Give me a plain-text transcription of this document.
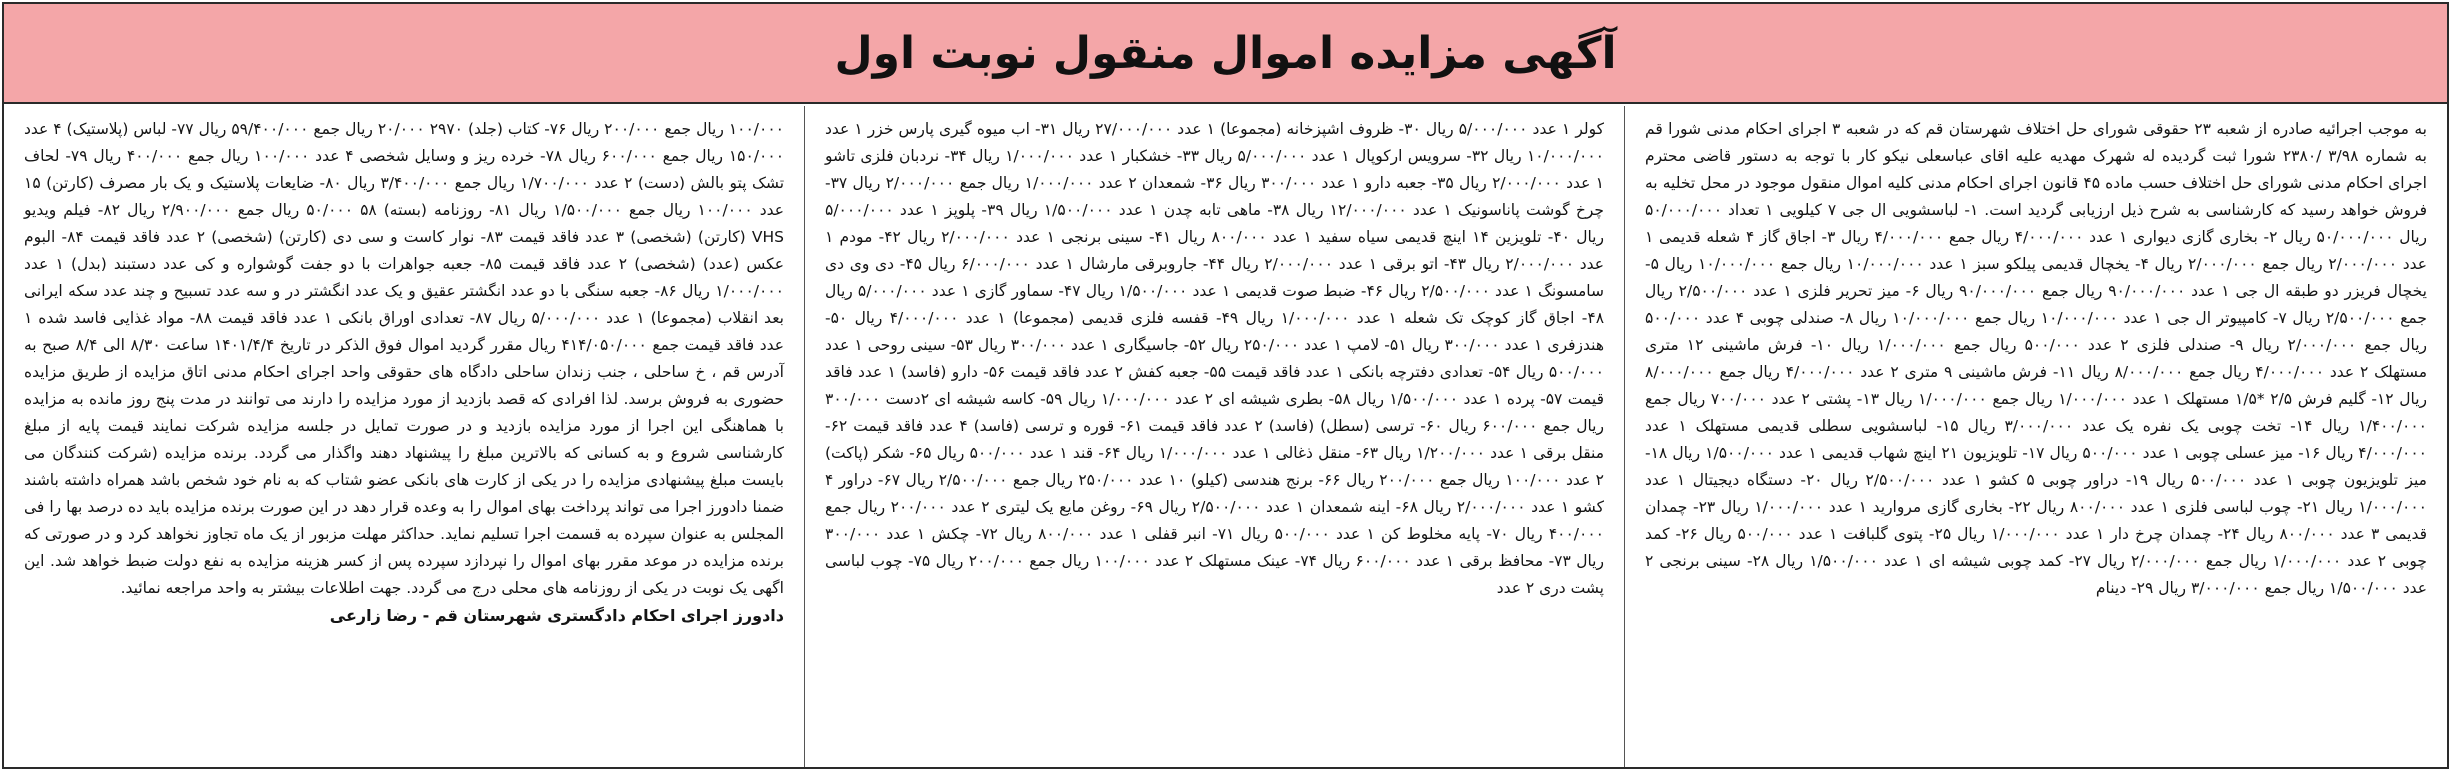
آگهی مزایده اموال منقول نوبت اول

به موجب اجرائیه صادره از شعبه ۲۳ حقوقی شورای حل اختلاف شهرستان قم که در شعبه ۳ اجرای احکام مدنی شورا قم به شماره ۳/۹۸ /۲۳۸۰ شورا ثبت گردیده له شهرک مهدیه علیه اقای عباسعلی نیکو کار با توجه به دستور قاضی محترم اجرای احکام مدنی شورای حل اختلاف حسب ماده ۴۵ قانون اجرای احکام مدنی کلیه اموال منقول موجود در محل تخلیه به فروش خواهد رسید که کارشناسی به شرح ذیل ارزیابی گردید است. ۱- لباسشویی ال جی ۷ کیلویی ۱ تعداد ۵۰/۰۰۰/۰۰۰ ریال ۵۰/۰۰۰/۰۰۰ ریال ۲- بخاری گازی دیواری ۱ عدد ۴/۰۰۰/۰۰۰ ریال جمع ۴/۰۰۰/۰۰۰ ریال ۳- اجاق گاز ۴ شعله قدیمی ۱ عدد ۲/۰۰۰/۰۰۰ ریال جمع ۲/۰۰۰/۰۰۰ ریال ۴- یخچال قدیمی پیلکو سبز ۱ عدد ۱۰/۰۰۰/۰۰۰ ریال جمع ۱۰/۰۰۰/۰۰۰ ریال ۵- یخچال فریزر دو طبقه ال جی ۱ عدد ۹۰/۰۰۰/۰۰۰ ریال جمع ۹۰/۰۰۰/۰۰۰ ریال ۶- میز تحریر فلزی ۱ عدد ۲/۵۰۰/۰۰۰ ریال جمع ۲/۵۰۰/۰۰۰ ریال ۷- کامپیوتر ال جی ۱ عدد ۱۰/۰۰۰/۰۰۰ ریال جمع ۱۰/۰۰۰/۰۰۰ ریال ۸- صندلی چوبی ۴ عدد ۵۰۰/۰۰۰ ریال جمع ۲/۰۰۰/۰۰۰ ریال ۹- صندلی فلزی ۲ عدد ۵۰۰/۰۰۰ ریال جمع ۱/۰۰۰/۰۰۰ ریال ۱۰- فرش ماشینی ۱۲ متری مستهلک ۲ عدد ۴/۰۰۰/۰۰۰ ریال جمع ۸/۰۰۰/۰۰۰ ریال ۱۱- فرش ماشینی ۹ متری ۲ عدد ۴/۰۰۰/۰۰۰ ریال جمع ۸/۰۰۰/۰۰۰ ریال ۱۲- گلیم فرش ۲/۵ *۱/۵ مستهلک ۱ عدد ۱/۰۰۰/۰۰۰ ریال جمع ۱/۰۰۰/۰۰۰ ریال ۱۳- پشتی ۲ عدد ۷۰۰/۰۰۰ ریال جمع ۱/۴۰۰/۰۰۰ ریال ۱۴- تخت چوبی یک نفره یک عدد ۳/۰۰۰/۰۰۰ ریال ۱۵- لباسشویی سطلی قدیمی مستهلک ۱ عدد ۴/۰۰۰/۰۰۰ ریال ۱۶- میز عسلی چوبی ۱ عدد ۵۰۰/۰۰۰ ریال ۱۷- تلویزیون ۲۱ اینچ شهاب قدیمی ۱ عدد ۱/۵۰۰/۰۰۰ ریال ۱۸- میز تلویزیون چوبی ۱ عدد ۵۰۰/۰۰۰ ریال ۱۹- دراور چوبی ۵ کشو ۱ عدد ۲/۵۰۰/۰۰۰ ریال ۲۰- دستگاه دیجیتال ۱ عدد ۱/۰۰۰/۰۰۰ ریال ۲۱- چوب لباسی فلزی ۱ عدد ۸۰۰/۰۰۰ ریال ۲۲- بخاری گازی مروارید ۱ عدد ۱/۰۰۰/۰۰۰ ریال ۲۳- چمدان قدیمی ۳ عدد ۸۰۰/۰۰۰ ریال ۲۴- چمدان چرخ دار ۱ عدد ۱/۰۰۰/۰۰۰ ریال ۲۵- پتوی گلبافت ۱ عدد ۵۰۰/۰۰۰ ریال ۲۶- کمد چوبی ۲ عدد ۱/۰۰۰/۰۰۰ ریال جمع ۲/۰۰۰/۰۰۰ ریال ۲۷- کمد چوبی شیشه ای ۱ عدد ۱/۵۰۰/۰۰۰ ریال ۲۸- سینی برنجی ۲ عدد ۱/۵۰۰/۰۰۰ ریال جمع ۳/۰۰۰/۰۰۰ ریال ۲۹- دینام

کولر ۱ عدد ۵/۰۰۰/۰۰۰ ریال ۳۰- ظروف اشپزخانه (مجموعا) ۱ عدد ۲۷/۰۰۰/۰۰۰ ریال ۳۱- اب میوه گیری پارس خزر ۱ عدد ۱۰/۰۰۰/۰۰۰ ریال ۳۲- سرویس ارکوپال ۱ عدد ۵/۰۰۰/۰۰۰ ریال ۳۳- خشکبار ۱ عدد ۱/۰۰۰/۰۰۰ ریال ۳۴- نردبان فلزی تاشو ۱ عدد ۲/۰۰۰/۰۰۰ ریال ۳۵- جعبه دارو ۱ عدد ۳۰۰/۰۰۰ ریال ۳۶- شمعدان ۲ عدد ۱/۰۰۰/۰۰۰ ریال جمع ۲/۰۰۰/۰۰۰ ریال ۳۷- چرخ گوشت پاناسونیک ۱ عدد ۱۲/۰۰۰/۰۰۰ ریال ۳۸- ماهی تابه چدن ۱ عدد ۱/۵۰۰/۰۰۰ ریال ۳۹- پلوپز ۱ عدد ۵/۰۰۰/۰۰۰ ریال ۴۰- تلویزین ۱۴ اینچ قدیمی سیاه سفید ۱ عدد ۸۰۰/۰۰۰ ریال ۴۱- سینی برنجی ۱ عدد ۲/۰۰۰/۰۰۰ ریال ۴۲- مودم ۱ عدد ۲/۰۰۰/۰۰۰ ریال ۴۳- اتو برقی ۱ عدد ۲/۰۰۰/۰۰۰ ریال ۴۴- جاروبرقی مارشال ۱ عدد ۶/۰۰۰/۰۰۰ ریال ۴۵- دی وی دی سامسونگ ۱ عدد ۲/۵۰۰/۰۰۰ ریال ۴۶- ضبط صوت قدیمی ۱ عدد ۱/۵۰۰/۰۰۰ ریال ۴۷- سماور گازی ۱ عدد ۵/۰۰۰/۰۰۰ ریال ۴۸- اجاق گاز کوچک تک شعله ۱ عدد ۱/۰۰۰/۰۰۰ ریال ۴۹- قفسه فلزی قدیمی (مجموعا) ۱ عدد ۴/۰۰۰/۰۰۰ ریال ۵۰- هندزفری ۱ عدد ۳۰۰/۰۰۰ ریال ۵۱- لامپ ۱ عدد ۲۵۰/۰۰۰ ریال ۵۲- جاسیگاری ۱ عدد ۳۰۰/۰۰۰ ریال ۵۳- سینی روحی ۱ عدد ۵۰۰/۰۰۰ ریال ۵۴- تعدادی دفترچه بانکی ۱ عدد فاقد قیمت ۵۵- جعبه کفش ۲ عدد فاقد قیمت ۵۶- دارو (فاسد) ۱ عدد فاقد قیمت ۵۷- پرده ۱ عدد ۱/۵۰۰/۰۰۰ ریال ۵۸- بطری شیشه ای ۲ عدد ۱/۰۰۰/۰۰۰ ریال ۵۹- کاسه شیشه ای ۲دست ۳۰۰/۰۰۰ ریال جمع ۶۰۰/۰۰۰ ریال ۶۰- ترسی (سطل) (فاسد) ۲ عدد فاقد قیمت ۶۱- قوره و ترسی (فاسد) ۴ عدد فاقد قیمت ۶۲- منقل برقی ۱ عدد ۱/۲۰۰/۰۰۰ ریال ۶۳- منقل ذغالی ۱ عدد ۱/۰۰۰/۰۰۰ ریال ۶۴- قند ۱ عدد ۵۰۰/۰۰۰ ریال ۶۵- شکر (پاکت) ۲ عدد ۱۰۰/۰۰۰ ریال جمع ۲۰۰/۰۰۰ ریال ۶۶- برنج هندسی (کیلو) ۱۰ عدد ۲۵۰/۰۰۰ ریال جمع ۲/۵۰۰/۰۰۰ ریال ۶۷- دراور ۴ کشو ۱ عدد ۲/۰۰۰/۰۰۰ ریال ۶۸- اینه شمعدان ۱ عدد ۲/۵۰۰/۰۰۰ ریال ۶۹- روغن مایع یک لیتری ۲ عدد ۲۰۰/۰۰۰ ریال جمع ۴۰۰/۰۰۰ ریال ۷۰- پایه مخلوط کن ۱ عدد ۵۰۰/۰۰۰ ریال ۷۱- انبر قفلی ۱ عدد ۸۰۰/۰۰۰ ریال ۷۲- چکش ۱ عدد ۳۰۰/۰۰۰ ریال ۷۳- محافظ برقی ۱ عدد ۶۰۰/۰۰۰ ریال ۷۴- عینک مستهلک ۲ عدد ۱۰۰/۰۰۰ ریال جمع ۲۰۰/۰۰۰ ریال ۷۵- چوب لباسی پشت دری ۲ عدد

۱۰۰/۰۰۰ ریال جمع ۲۰۰/۰۰۰ ریال ۷۶- کتاب (جلد) ۲۹۷۰ ۲۰/۰۰۰ ریال جمع ۵۹/۴۰۰/۰۰۰ ریال ۷۷- لباس (پلاستیک) ۴ عدد ۱۵۰/۰۰۰ ریال جمع ۶۰۰/۰۰۰ ریال ۷۸- خرده ریز و وسایل شخصی ۴ عدد ۱۰۰/۰۰۰ ریال جمع ۴۰۰/۰۰۰ ریال ۷۹- لحاف تشک پتو بالش (دست) ۲ عدد ۱/۷۰۰/۰۰۰ ریال جمع ۳/۴۰۰/۰۰۰ ریال ۸۰- ضایعات پلاستیک و یک بار مصرف (کارتن) ۱۵ عدد ۱۰۰/۰۰۰ ریال جمع ۱/۵۰۰/۰۰۰ ریال ۸۱- روزنامه (بسته) ۵۸ ۵۰/۰۰۰ ریال جمع ۲/۹۰۰/۰۰۰ ریال ۸۲- فیلم ویدیو VHS (کارتن) (شخصی) ۳ عدد فاقد قیمت ۸۳- نوار کاست و سی دی (کارتن) (شخصی) ۲ عدد فاقد قیمت ۸۴- البوم عکس (عدد) (شخصی) ۲ عدد فاقد قیمت ۸۵- جعبه جواهرات با دو جفت گوشواره و کی عدد دستبند (بدل) ۱ عدد ۱/۰۰۰/۰۰۰ ریال ۸۶- جعبه سنگی با دو عدد انگشتر عقیق و یک عدد انگشتر در و سه عدد تسبیح و چند عدد سکه ایرانی بعد انقلاب (مجموعا) ۱ عدد ۵/۰۰۰/۰۰۰ ریال ۸۷- تعدادی اوراق بانکی ۱ عدد فاقد قیمت ۸۸- مواد غذایی فاسد شده ۱ عدد فاقد قیمت جمع ۴۱۴/۰۵۰/۰۰۰ ریال مقرر گردید اموال فوق الذکر در تاریخ ۱۴۰۱/۴/۴ ساعت ۸/۳۰ الی ۸/۴ صبح به آدرس قم ، خ ساحلی ، جنب زندان ساحلی دادگاه های حقوقی واحد اجرای احکام مدنی اتاق مزایده از طریق مزایده حضوری به فروش برسد. لذا افرادی که قصد بازدید از مورد مزایده را دارند می توانند در مدت پنج روز مانده به مزایده با هماهنگی این اجرا از مورد مزایده بازدید و در صورت تمایل در جلسه مزایده شرکت نمایند قیمت پایه از مبلغ کارشناسی شروع و به کسانی که بالاترین مبلغ را پیشنهاد دهند واگذار می گردد. برنده مزایده (شرکت کنندگان می بایست مبلغ پیشنهادی مزایده را در یکی از کارت های بانکی عضو شتاب که به نام خود شخص باشد همراه داشته باشند ضمنا دادورز اجرا می تواند پرداخت بهای اموال را به وعده قرار دهد در این صورت برنده مزایده باید ده درصد بها را فی المجلس به عنوان سپرده به قسمت اجرا تسلیم نماید. حداکثر مهلت مزبور از یک ماه تجاوز نخواهد کرد و در صورتی که برنده مزایده در موعد مقرر بهای اموال را نپردازد سپرده پس از کسر هزینه مزایده به نفع دولت ضبط خواهد شد. این اگهی یک نوبت در یکی از روزنامه های محلی درج می گردد. جهت اطلاعات بیشتر به واحد مراجعه نمائید.

دادورز اجرای احکام دادگستری شهرستان قم - رضا زارعی
